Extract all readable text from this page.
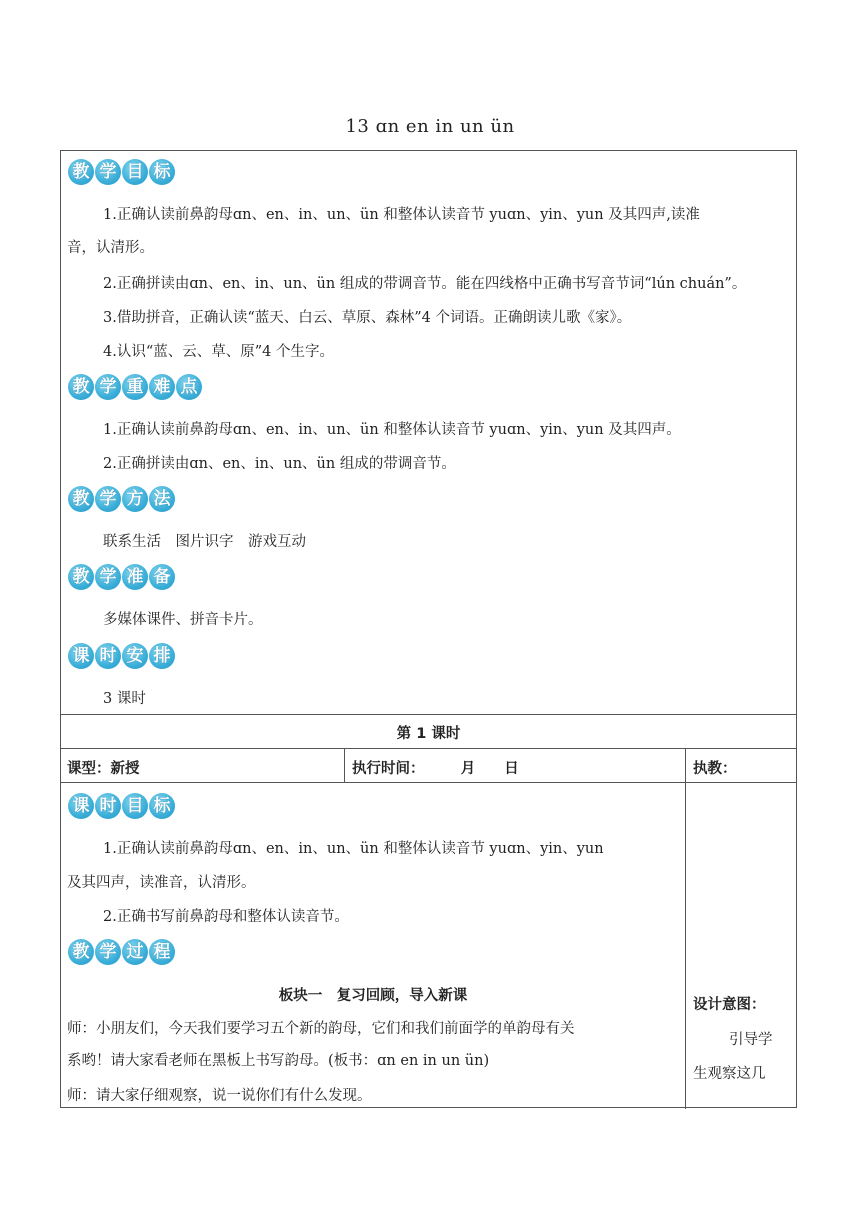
13 ɑn en in un ün
教 学 目 标
1.正确认读前鼻韵母ɑn、en、in、un、ün 和整体认读音节 yuɑn、yin、yun 及其四声,读准
音，认清形。
2.正确拼读由ɑn、en、in、un、ün 组成的带调音节。能在四线格中正确书写音节词“lún chuán”。
3.借助拼音，正确认读“蓝天、白云、草原、森林”4 个词语。正确朗读儿歌《家》。
4.认识“蓝、云、草、原”4 个生字。
教 学 重 难 点
1.正确认读前鼻韵母ɑn、en、in、un、ün 和整体认读音节 yuɑn、yin、yun 及其四声。
2.正确拼读由ɑn、en、in、un、ün 组成的带调音节。
教 学 方 法
联系生活　图片识字　游戏互动
教 学 准 备
多媒体课件、拼音卡片。
课 时 安 排
3 课时
第 1 课时
课型：新授	执行时间：　　　月　　日	执教：
课 时 目 标
1.正确认读前鼻韵母ɑn、en、in、un、ün 和整体认读音节 yuɑn、yin、yun
及其四声，读准音，认清形。
2.正确书写前鼻韵母和整体认读音节。
教 学 过 程
板块一　复习回顾，导入新课
师：小朋友们，今天我们要学习五个新的韵母，它们和我们前面学的单韵母有关
系哟！请大家看老师在黑板上书写韵母。(板书：ɑn en in un ün)
师：请大家仔细观察，说一说你们有什么发现。
设计意图：
引导学
生观察这几
